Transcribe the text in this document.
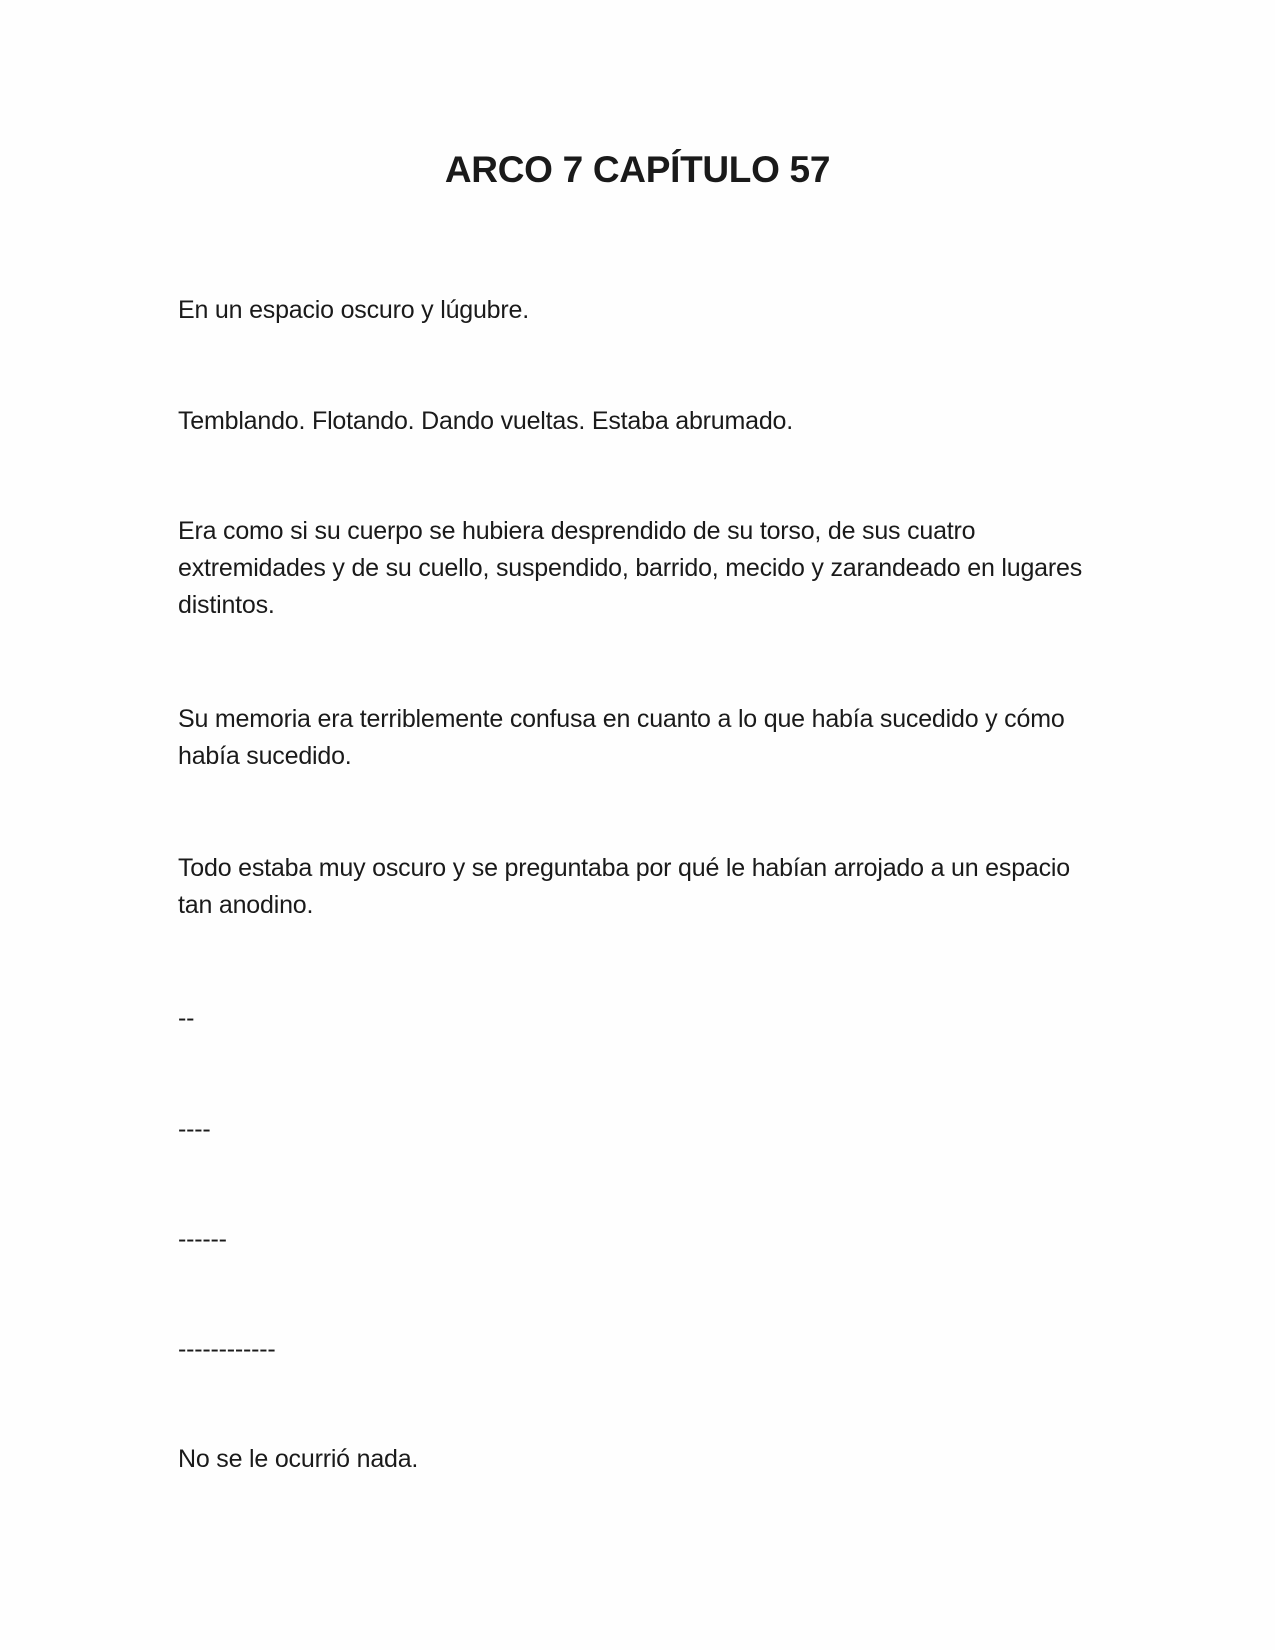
ARCO 7 CAPÍTULO 57

En un espacio oscuro y lúgubre.

Temblando. Flotando. Dando vueltas. Estaba abrumado.

Era como si su cuerpo se hubiera desprendido de su torso, de sus cuatro extremidades y de su cuello, suspendido, barrido, mecido y zarandeado en lugares distintos.

Su memoria era terriblemente confusa en cuanto a lo que había sucedido y cómo había sucedido.

Todo estaba muy oscuro y se preguntaba por qué le habían arrojado a un espacio tan anodino.

--

----

------

------------

No se le ocurrió nada.
